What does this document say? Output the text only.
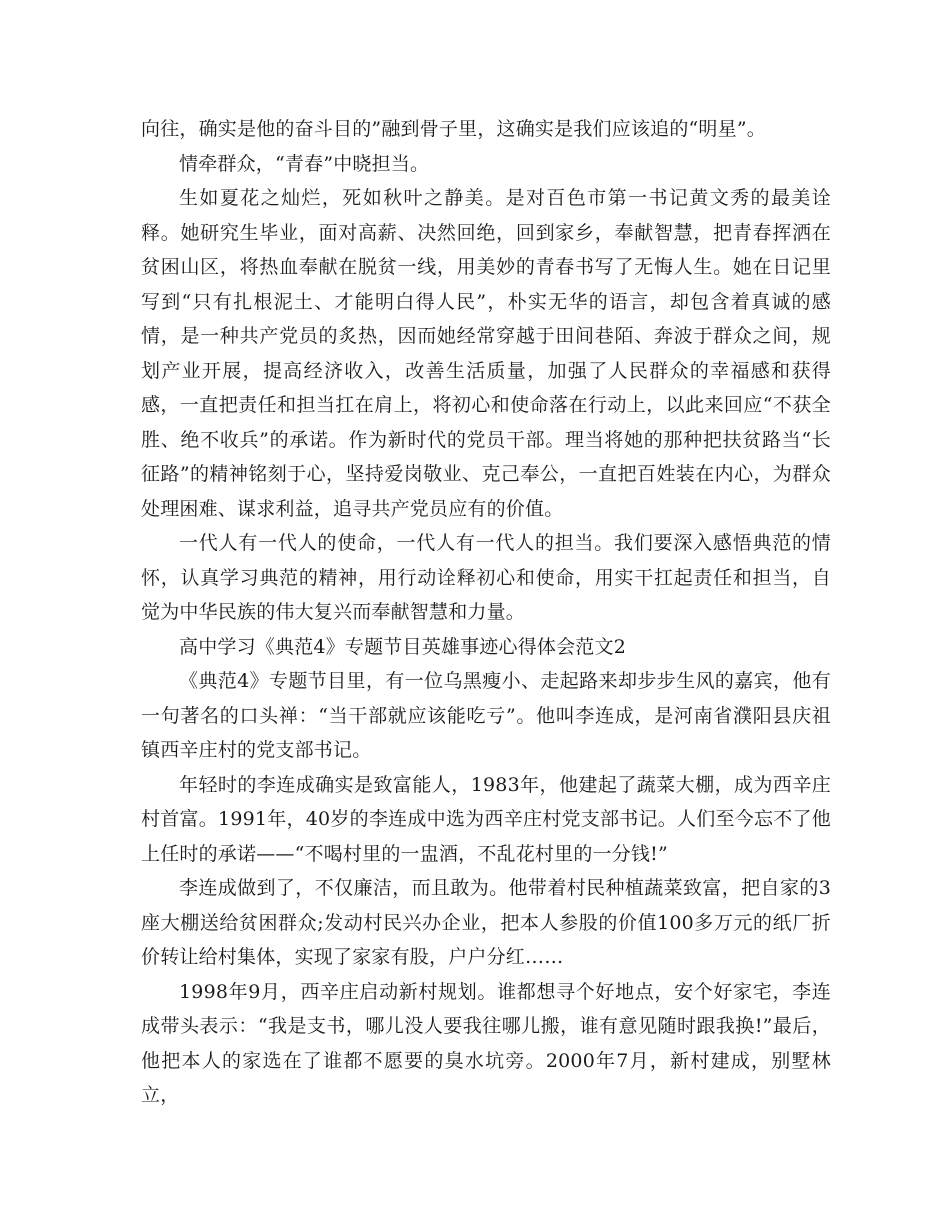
向往，确实是他的奋斗目的”融到骨子里，这确实是我们应该追的“明星”。

情牵群众，“青春”中晓担当。

生如夏花之灿烂，死如秋叶之静美。是对百色市第一书记黄文秀的最美诠释。她研究生毕业，面对高薪、决然回绝，回到家乡，奉献智慧，把青春挥洒在贫困山区，将热血奉献在脱贫一线，用美妙的青春书写了无悔人生。她在日记里写到“只有扎根泥土、才能明白得人民”，朴实无华的语言，却包含着真诚的感情，是一种共产党员的炙热，因而她经常穿越于田间巷陌、奔波于群众之间，规划产业开展，提高经济收入，改善生活质量，加强了人民群众的幸福感和获得感，一直把责任和担当扛在肩上，将初心和使命落在行动上，以此来回应“不获全胜、绝不收兵”的承诺。作为新时代的党员干部。理当将她的那种把扶贫路当“长征路”的精神铭刻于心，坚持爱岗敬业、克己奉公，一直把百姓装在内心，为群众处理困难、谋求利益，追寻共产党员应有的价值。

一代人有一代人的使命，一代人有一代人的担当。我们要深入感悟典范的情怀，认真学习典范的精神，用行动诠释初心和使命，用实干扛起责任和担当，自觉为中华民族的伟大复兴而奉献智慧和力量。

高中学习《典范4》专题节目英雄事迹心得体会范文2

《典范4》专题节目里，有一位乌黑瘦小、走起路来却步步生风的嘉宾，他有一句著名的口头禅：“当干部就应该能吃亏”。他叫李连成，是河南省濮阳县庆祖镇西辛庄村的党支部书记。

年轻时的李连成确实是致富能人，1983年，他建起了蔬菜大棚，成为西辛庄村首富。1991年，40岁的李连成中选为西辛庄村党支部书记。人们至今忘不了他上任时的承诺——“不喝村里的一盅酒，不乱花村里的一分钱!”

李连成做到了，不仅廉洁，而且敢为。他带着村民种植蔬菜致富，把自家的3座大棚送给贫困群众;发动村民兴办企业，把本人参股的价值100多万元的纸厂折价转让给村集体，实现了家家有股，户户分红……

1998年9月，西辛庄启动新村规划。谁都想寻个好地点，安个好家宅，李连成带头表示：“我是支书，哪儿没人要我往哪儿搬，谁有意见随时跟我换!”最后，他把本人的家选在了谁都不愿要的臭水坑旁。2000年7月，新村建成，别墅林立，
